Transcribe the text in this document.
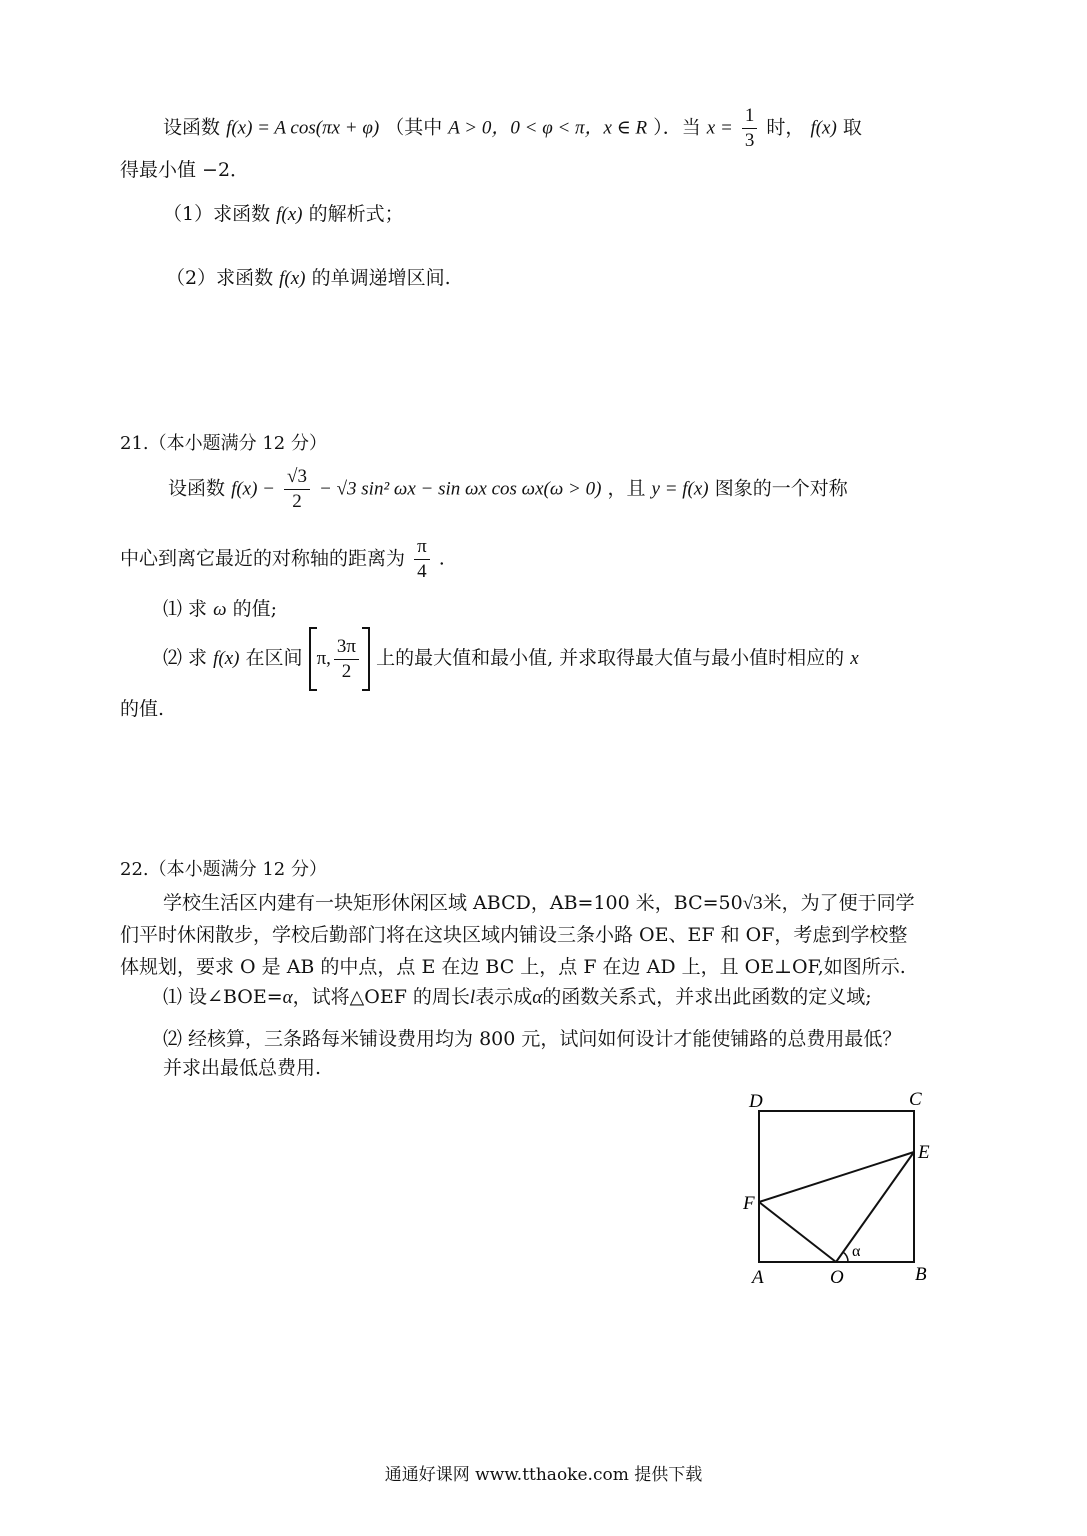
设函数 f(x) = A cos(πx + φ) （其中 A > 0，0 < φ < π，x ∈ R ）．当 $x = \frac{1}{3}$ 时， f(x) 取
得最小值 −2．
（1）求函数 f(x) 的解析式；
（2）求函数 f(x) 的单调递增区间.
21.（本小题满分 12 分）
设函数 $f(x) - \frac{√3}{2} - √3$ sin² ωx − sin ωx cos ωx(ω > 0) ，且 y = f(x) 图象的一个对称
中心到离它最近的对称轴的距离为 $\frac{\pi}{4}$ .
⑴ 求 ω 的值;
⑵ 求 f(x) 在区间 π, $\frac{3\pi}{2}$ 上的最大值和最小值, 并求取得最大值与最小值时相应的 x
的值.
22.（本小题满分 12 分）
学校生活区内建有一块矩形休闲区域 ABCD，AB=100 米，BC=50√3米，为了便于同学
们平时休闲散步，学校后勤部门将在这块区域内铺设三条小路 OE、EF 和 OF，考虑到学校整
体规划，要求 O 是 AB 的中点，点 E 在边 BC 上，点 F 在边 AD 上，且 OE⊥OF,如图所示.
⑴ 设∠BOE=α，试将△OEF 的周长l表示成α的函数关系式，并求出此函数的定义域;
⑵ 经核算，三条路每米铺设费用均为 800 元，试问如何设计才能使铺路的总费用最低？
并求出最低总费用.
D	C
E
F
A	O	B
α
通通好课网 www.tthaoke.com 提供下载
